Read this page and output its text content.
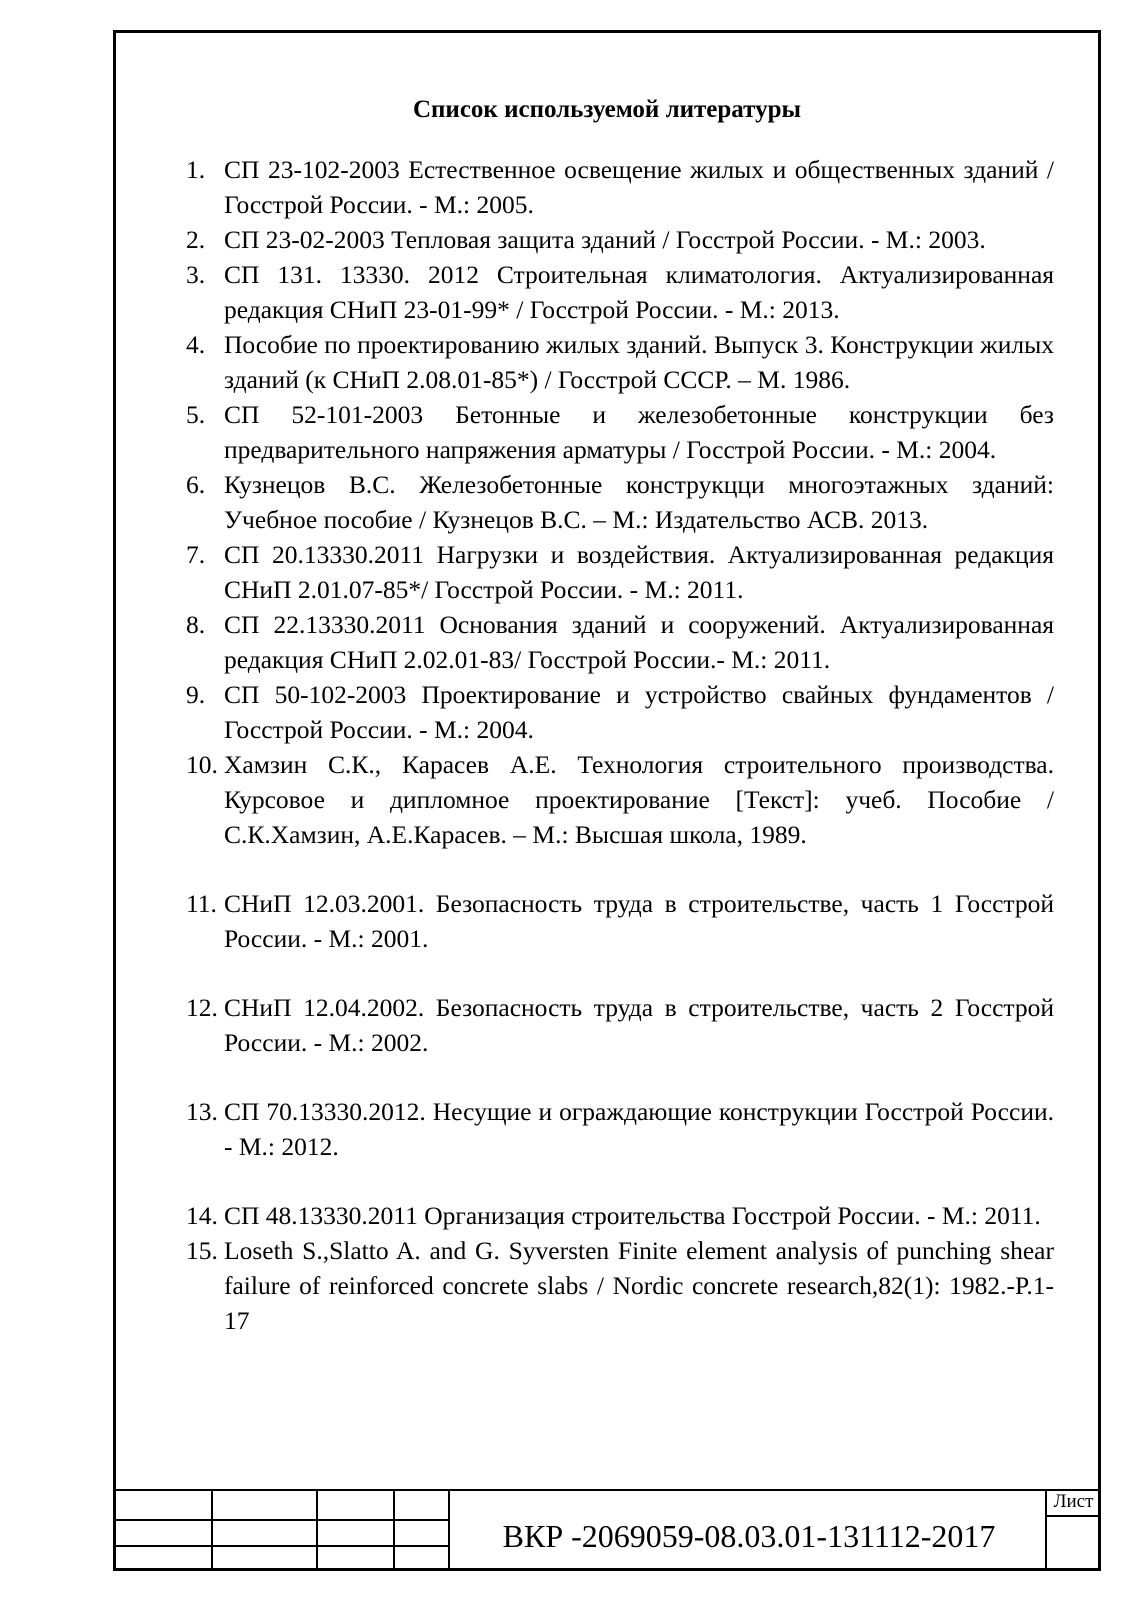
Список используемой литературы
1. СП 23-102-2003 Естественное освещение жилых и общественных зданий / Госстрой России. - М.: 2005.
2. СП 23-02-2003 Тепловая защита зданий / Госстрой России. - М.: 2003.
3. СП 131. 13330. 2012 Строительная климатология. Актуализированная редакция СНиП 23-01-99* / Госстрой России. - М.: 2013.
4. Пособие по проектированию жилых зданий. Выпуск 3. Конструкции жилых зданий (к СНиП 2.08.01-85*) / Госстрой СССР. – М. 1986.
5. СП 52-101-2003 Бетонные и железобетонные конструкции без предварительного напряжения арматуры / Госстрой России. - М.: 2004.
6. Кузнецов В.С. Железобетонные конструкцци многоэтажных зданий: Учебное пособие / Кузнецов В.С. – М.: Издательство АСВ. 2013.
7. СП 20.13330.2011 Нагрузки и воздействия. Актуализированная редакция СНиП 2.01.07-85*/ Госстрой России. - М.: 2011.
8. СП 22.13330.2011 Основания зданий и сооружений. Актуализированная редакция СНиП 2.02.01-83/ Госстрой России.- М.: 2011.
9. СП 50-102-2003 Проектирование и устройство свайных фундаментов / Госстрой России. - М.: 2004.
10. Хамзин С.К., Карасев А.Е. Технология строительного производства. Курсовое и дипломное проектирование [Текст]: учеб. Пособие / С.К.Хамзин, А.Е.Карасев. – М.: Высшая школа, 1989.
11. СНиП 12.03.2001. Безопасность труда в строительстве, часть 1 Госстрой России. - М.: 2001.
12. СНиП 12.04.2002. Безопасность труда в строительстве, часть 2 Госстрой России. - М.: 2002.
13. СП 70.13330.2012. Несущие и ограждающие конструкции Госстрой России. - М.: 2012.
14. СП 48.13330.2011 Организация строительства Госстрой России. - М.: 2011.
15. Loseth S.,Slatto A. and G. Syversten Finite element analysis of punching shear failure of reinforced concrete slabs / Nordic concrete research,82(1): 1982.-P.1-17
ВКР -2069059-08.03.01-131112-2017
Лист
